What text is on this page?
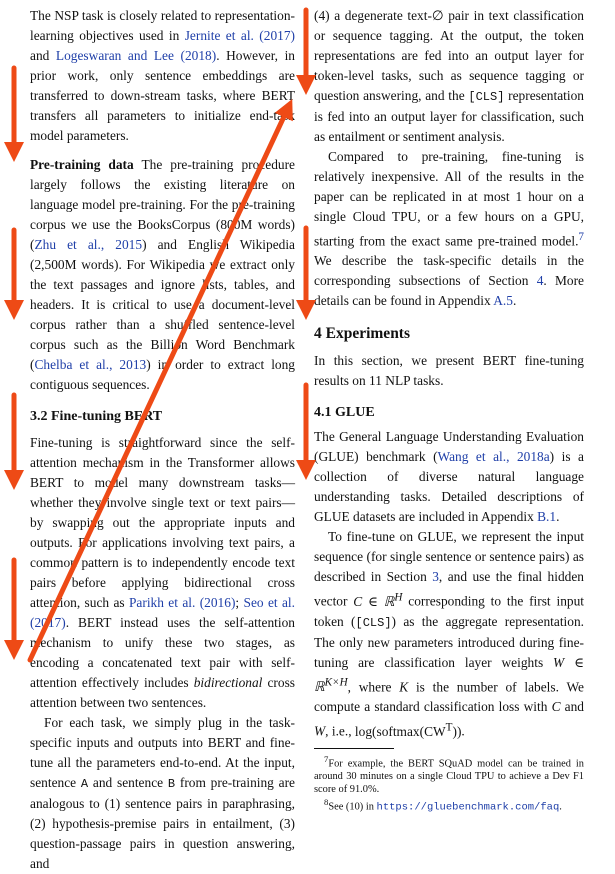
The NSP task is closely related to representation-learning objectives used in Jernite et al. (2017) and Logeswaran and Lee (2018). However, in prior work, only sentence embeddings are transferred to down-stream tasks, where BERT transfers all parameters to initialize end-task model parameters.

Pre-training data The pre-training procedure largely follows the existing literature on language model pre-training. For the pre-training corpus we use the BooksCorpus (800M words) (Zhu et al., 2015) and English Wikipedia (2,500M words). For Wikipedia we extract only the text passages and ignore lists, tables, and headers. It is critical to use a document-level corpus rather than a shuffled sentence-level corpus such as the Billion Word Benchmark (Chelba et al., 2013) in order to extract long contiguous sequences.

3.2 Fine-tuning BERT

Fine-tuning is straightforward since the self-attention mechanism in the Transformer allows BERT to model many downstream tasks—whether they involve single text or text pairs—by swapping out the appropriate inputs and outputs. For applications involving text pairs, a common pattern is to independently encode text pairs before applying bidirectional cross attention, such as Parikh et al. (2016); Seo et al. (2017). BERT instead uses the self-attention mechanism to unify these two stages, as encoding a concatenated text pair with self-attention effectively includes bidirectional cross attention between two sentences.

For each task, we simply plug in the task-specific inputs and outputs into BERT and fine-tune all the parameters end-to-end. At the input, sentence A and sentence B from pre-training are analogous to (1) sentence pairs in paraphrasing, (2) hypothesis-premise pairs in entailment, (3) question-passage pairs in question answering, and

(4) a degenerate text-∅ pair in text classification or sequence tagging. At the output, the token representations are fed into an output layer for token-level tasks, such as sequence tagging or question answering, and the [CLS] representation is fed into an output layer for classification, such as entailment or sentiment analysis.

Compared to pre-training, fine-tuning is relatively inexpensive. All of the results in the paper can be replicated in at most 1 hour on a single Cloud TPU, or a few hours on a GPU, starting from the exact same pre-trained model.$^7$ We describe the task-specific details in the corresponding subsections of Section 4. More details can be found in Appendix A.5.

4 Experiments

In this section, we present BERT fine-tuning results on 11 NLP tasks.

4.1 GLUE

The General Language Understanding Evaluation (GLUE) benchmark (Wang et al., 2018a) is a collection of diverse natural language understanding tasks. Detailed descriptions of GLUE datasets are included in Appendix B.1.

To fine-tune on GLUE, we represent the input sequence (for single sentence or sentence pairs) as described in Section 3, and use the final hidden vector C ∈ ℝ$^H$ corresponding to the first input token ([CLS]) as the aggregate representation. The only new parameters introduced during fine-tuning are classification layer weights W ∈ ℝ$^{K\times H}$, where K is the number of labels. We compute a standard classification loss with C and W, i.e., $\log(softmax(CW^T))$.

$^7$For example, the BERT SQuAD model can be trained in around 30 minutes on a single Cloud TPU to achieve a Dev F1 score of 91.0%.

$^8$See (10) in https://gluebenchmark.com/faq.
